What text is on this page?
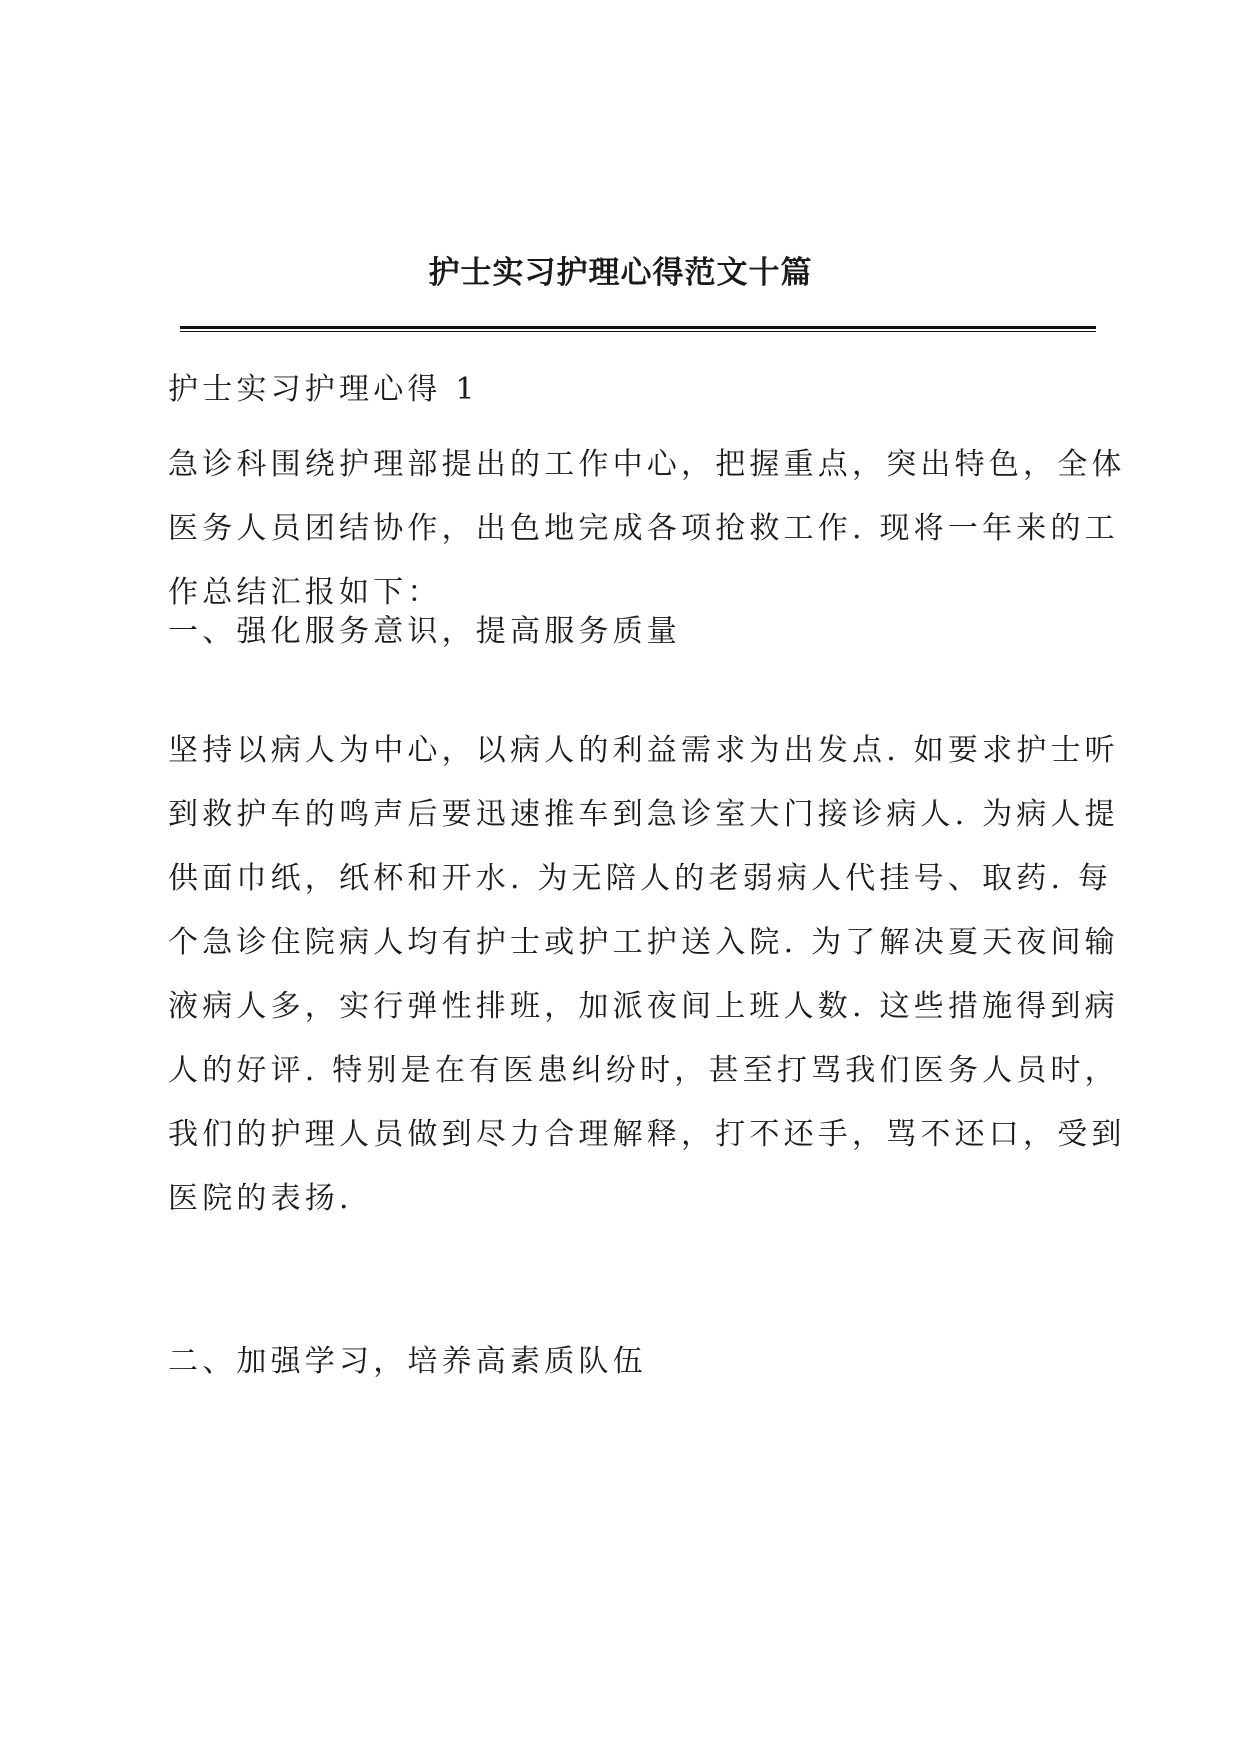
护士实习护理心得范文十篇
护士实习护理心得 1
急诊科围绕护理部提出的工作中心，把握重点，突出特色，全体
医务人员团结协作，出色地完成各项抢救工作. 现将一年来的工
作总结汇报如下：
一、强化服务意识，提高服务质量
坚持以病人为中心，以病人的利益需求为出发点. 如要求护士听
到救护车的鸣声后要迅速推车到急诊室大门接诊病人. 为病人提
供面巾纸，纸杯和开水. 为无陪人的老弱病人代挂号、取药. 每
个急诊住院病人均有护士或护工护送入院. 为了解决夏天夜间输
液病人多，实行弹性排班，加派夜间上班人数. 这些措施得到病
人的好评. 特别是在有医患纠纷时，甚至打骂我们医务人员时，
我们的护理人员做到尽力合理解释，打不还手，骂不还口，受到
医院的表扬.
二、加强学习，培养高素质队伍
